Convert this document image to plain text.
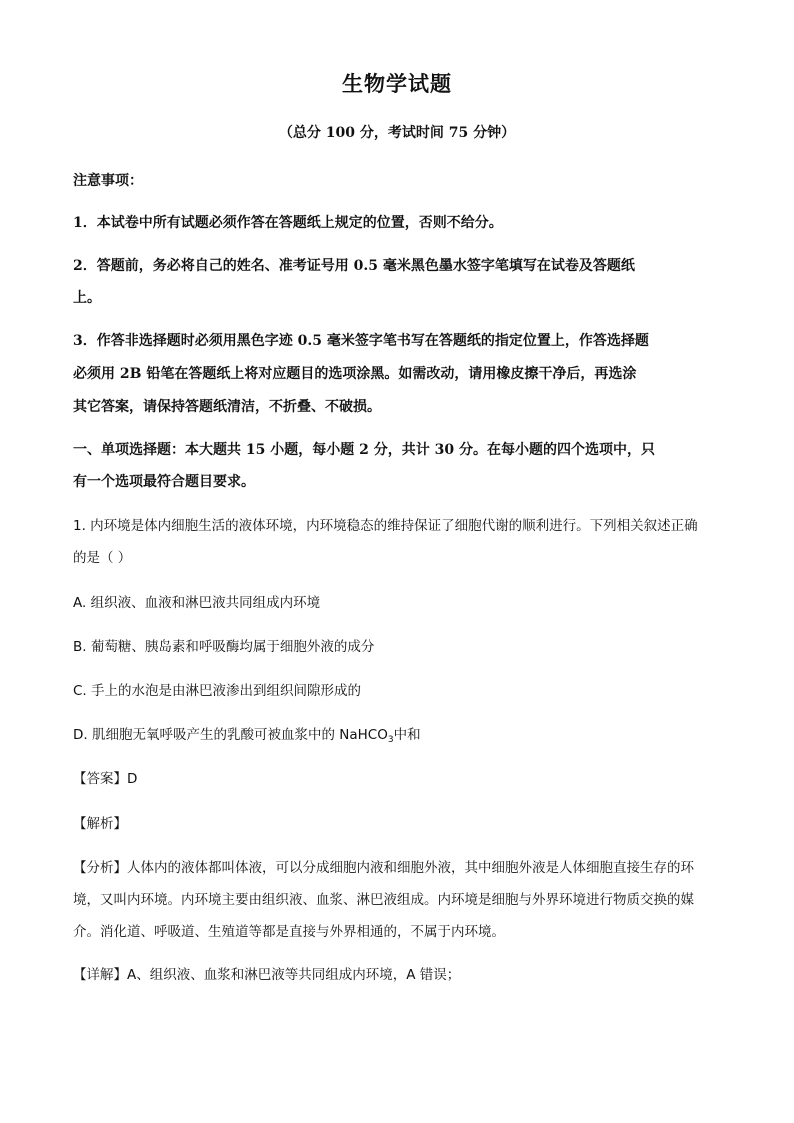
生物学试题
（总分 100 分，考试时间 75 分钟）
注意事项：
1．本试卷中所有试题必须作答在答题纸上规定的位置，否则不给分。
2．答题前，务必将自己的姓名、准考证号用 0.5 毫米黑色墨水签字笔填写在试卷及答题纸
上。
3．作答非选择题时必须用黑色字迹 0.5 毫米签字笔书写在答题纸的指定位置上，作答选择题
必须用 2B 铅笔在答题纸上将对应题目的选项涂黑。如需改动，请用橡皮擦干净后，再选涂
其它答案，请保持答题纸清洁，不折叠、不破损。
一、单项选择题：本大题共 15 小题，每小题 2 分，共计 30 分。在每小题的四个选项中，只
有一个选项最符合题目要求。
1. 内环境是体内细胞生活的液体环境，内环境稳态的维持保证了细胞代谢的顺利进行。下列相关叙述正确
的是（ ）
A. 组织液、血液和淋巴液共同组成内环境
B. 葡萄糖、胰岛素和呼吸酶均属于细胞外液的成分
C. 手上的水泡是由淋巴液渗出到组织间隙形成的
D. 肌细胞无氧呼吸产生的乳酸可被血浆中的 NaHCO$_3$中和
【答案】D
【解析】
【分析】人体内的液体都叫体液，可以分成细胞内液和细胞外液，其中细胞外液是人体细胞直接生存的环
境，又叫内环境。内环境主要由组织液、血浆、淋巴液组成。内环境是细胞与外界环境进行物质交换的媒
介。消化道、呼吸道、生殖道等都是直接与外界相通的，不属于内环境。
【详解】A、组织液、血浆和淋巴液等共同组成内环境，A 错误；
